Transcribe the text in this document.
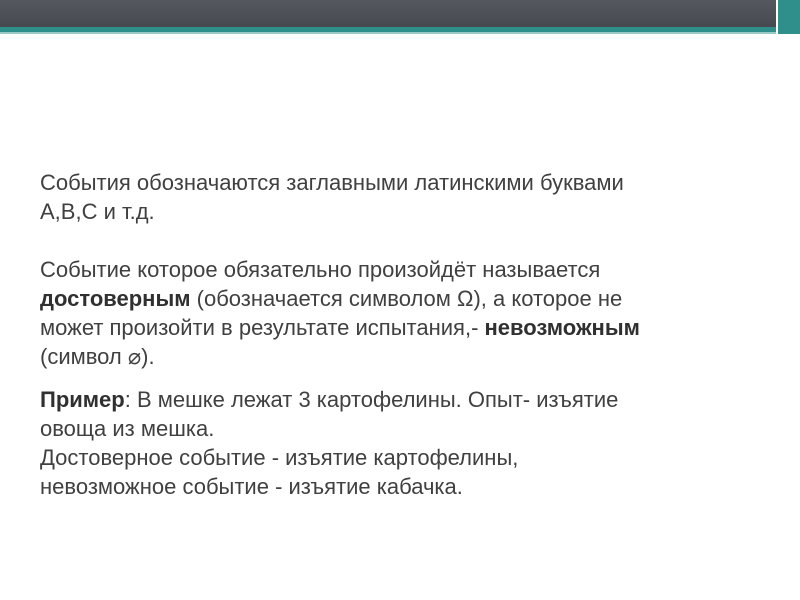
События обозначаются заглавными латинскими буквами
А,В,С и т.д.

Событие которое обязательно произойдёт называется
достоверным (обозначается символом Ω), а которое не
может произойти в результате испытания,- невозможным
(символ ⌀).

Пример: В мешке лежат 3 картофелины. Опыт- изъятие
овоща из мешка.
Достоверное событие - изъятие картофелины,
невозможное событие - изъятие кабачка.
